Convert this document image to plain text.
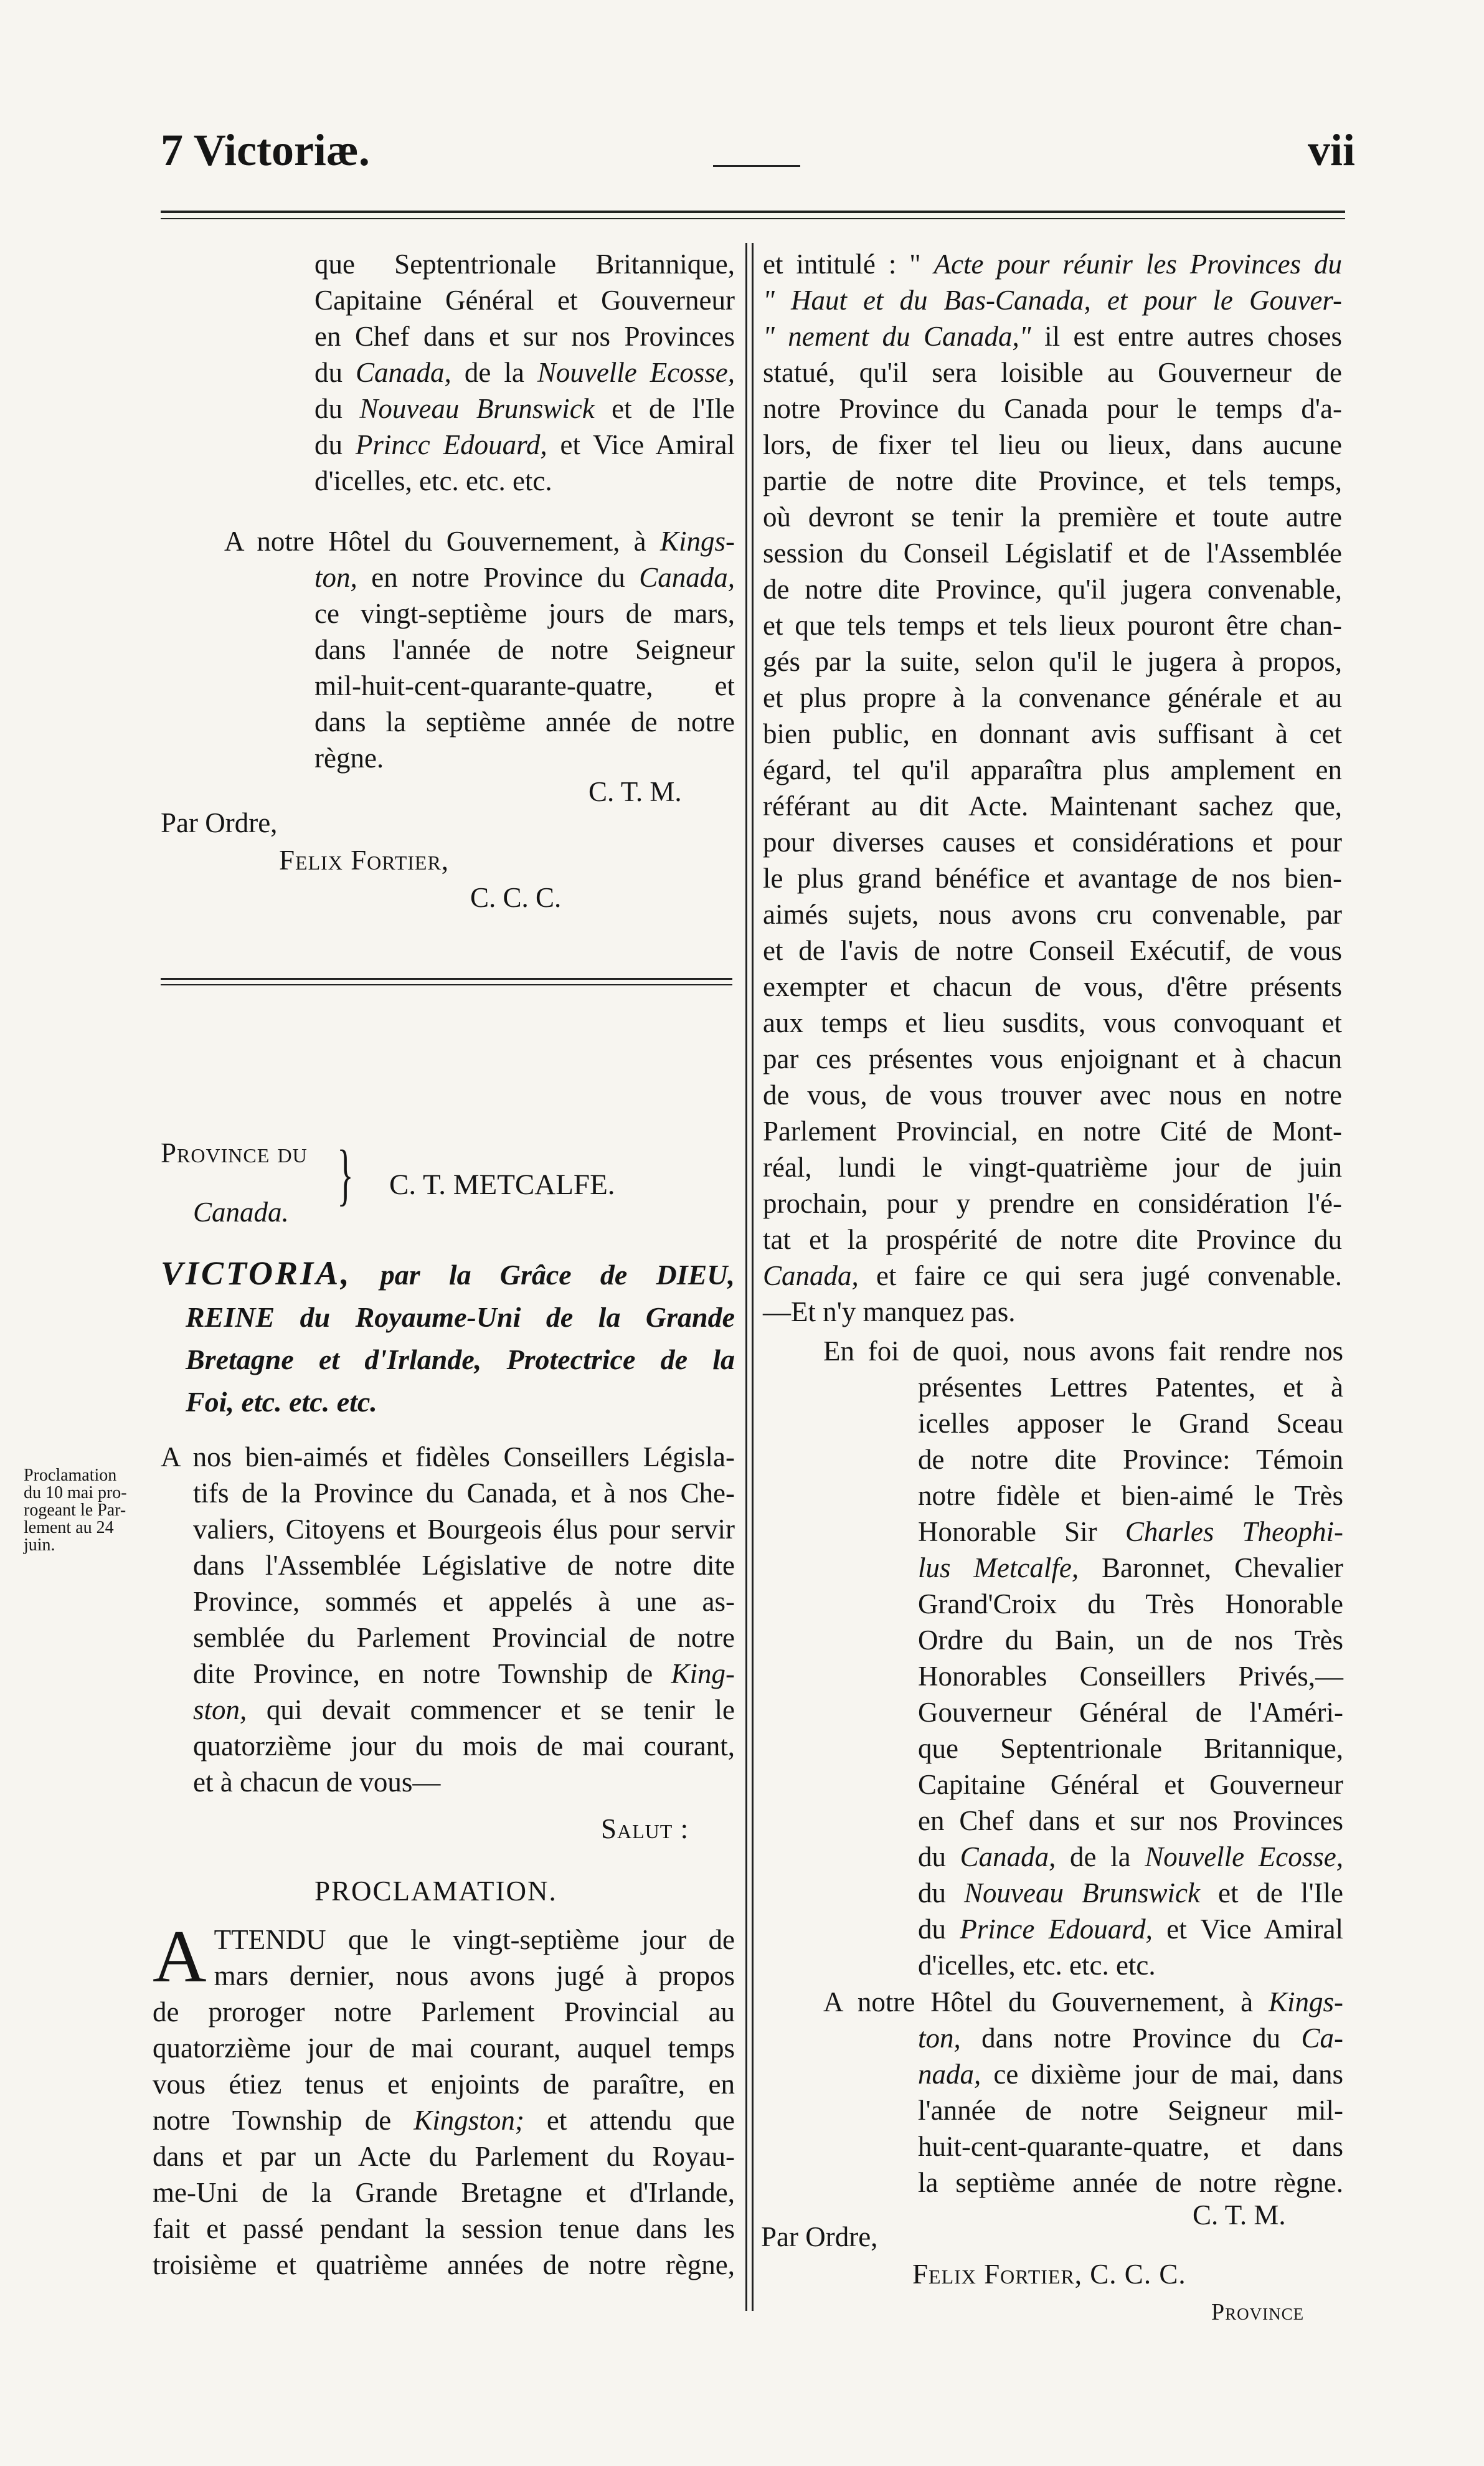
7 Victoriæ.	vii
que Septentrionale Britannique,
Capitaine Général et Gouverneur
en Chef dans et sur nos Provinces
du Canada, de la Nouvelle Ecosse,
du Nouveau Brunswick et de l'Ile
du Princc Edouard, et Vice Amiral
d'icelles, etc. etc. etc.
A notre Hôtel du Gouvernement, à Kings-
ton, en notre Province du Canada,
ce vingt-septième jours de mars,
dans l'année de notre Seigneur
mil-huit-cent-quarante-quatre, et
dans la septième année de notre
règne.
C. T. M.
Par Ordre,
Felix Fortier,
C. C. C.
Province du
Canada. } C. T. METCALFE.
VICTORIA, par la Grâce de DIEU,
REINE du Royaume-Uni de la Grande
Bretagne et d'Irlande, Protectrice de la
Foi, etc. etc. etc.
Proclamation
du 10 mai pro-
rogeant le Par-
lement au 24
juin.
A nos bien-aimés et fidèles Conseillers Législa-
tifs de la Province du Canada, et à nos Che-
valiers, Citoyens et Bourgeois élus pour servir
dans l'Assemblée Législative de notre dite
Province, sommés et appelés à une as-
semblée du Parlement Provincial de notre
dite Province, en notre Township de King-
ston, qui devait commencer et se tenir le
quatorzième jour du mois de mai courant,
et à chacun de vous—
Salut :
PROCLAMATION.
A TTENDU que le vingt-septième jour de
mars dernier, nous avons jugé à propos
de proroger notre Parlement Provincial au
quatorzième jour de mai courant, auquel temps
vous étiez tenus et enjoints de paraître, en
notre Township de Kingston; et attendu que
dans et par un Acte du Parlement du Royau-
me-Uni de la Grande Bretagne et d'Irlande,
fait et passé pendant la session tenue dans les
troisième et quatrième années de notre règne,
et intitulé : " Acte pour réunir les Provinces du
" Haut et du Bas-Canada, et pour le Gouver-
" nement du Canada," il est entre autres choses
statué, qu'il sera loisible au Gouverneur de
notre Province du Canada pour le temps d'a-
lors, de fixer tel lieu ou lieux, dans aucune
partie de notre dite Province, et tels temps,
où devront se tenir la première et toute autre
session du Conseil Législatif et de l'Assemblée
de notre dite Province, qu'il jugera convenable,
et que tels temps et tels lieux pouront être chan-
gés par la suite, selon qu'il le jugera à propos,
et plus propre à la convenance générale et au
bien public, en donnant avis suffisant à cet
égard, tel qu'il apparaîtra plus amplement en
référant au dit Acte. Maintenant sachez que,
pour diverses causes et considérations et pour
le plus grand bénéfice et avantage de nos bien-
aimés sujets, nous avons cru convenable, par
et de l'avis de notre Conseil Exécutif, de vous
exempter et chacun de vous, d'être présents
aux temps et lieu susdits, vous convoquant et
par ces présentes vous enjoignant et à chacun
de vous, de vous trouver avec nous en notre
Parlement Provincial, en notre Cité de Mont-
réal, lundi le vingt-quatrième jour de juin
prochain, pour y prendre en considération l'é-
tat et la prospérité de notre dite Province du
Canada, et faire ce qui sera jugé convenable.
—Et n'y manquez pas.
En foi de quoi, nous avons fait rendre nos
présentes Lettres Patentes, et à
icelles apposer le Grand Sceau
de notre dite Province: Témoin
notre fidèle et bien-aimé le Très
Honorable Sir Charles Theophi-
lus Metcalfe, Baronnet, Chevalier
Grand'Croix du Très Honorable
Ordre du Bain, un de nos Très
Honorables Conseillers Privés,—
Gouverneur Général de l'Améri-
que Septentrionale Britannique,
Capitaine Général et Gouverneur
en Chef dans et sur nos Provinces
du Canada, de la Nouvelle Ecosse,
du Nouveau Brunswick et de l'Ile
du Prince Edouard, et Vice Amiral
d'icelles, etc. etc. etc.
A notre Hôtel du Gouvernement, à Kings-
ton, dans notre Province du Ca-
nada, ce dixième jour de mai, dans
l'année de notre Seigneur mil-
huit-cent-quarante-quatre, et dans
la septième année de notre règne.
C. T. M.
Par Ordre,
Felix Fortier, C. C. C.
Province
